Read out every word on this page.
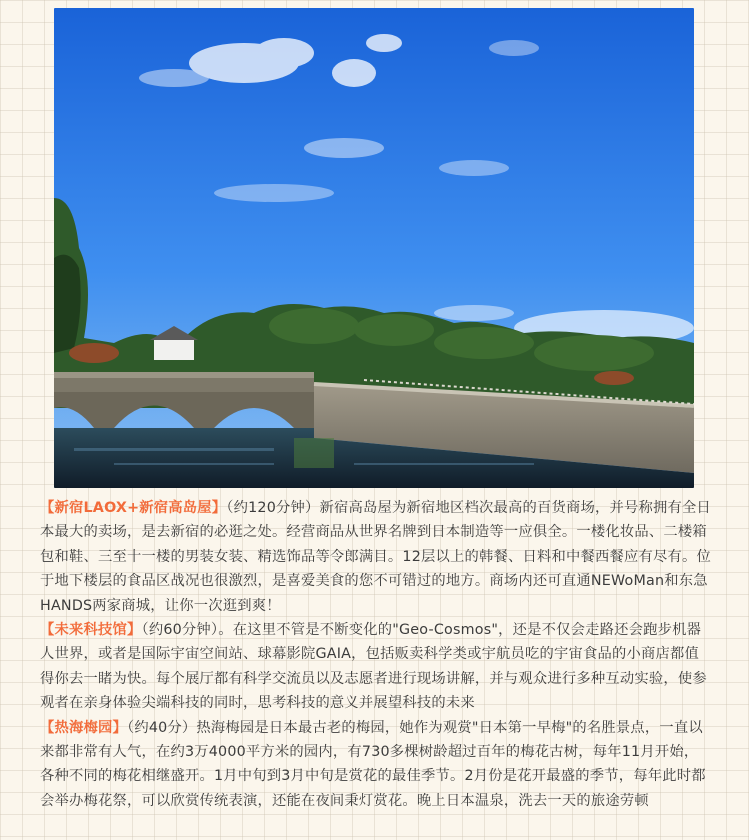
【新宿LAOX+新宿高岛屋】（约120分钟）新宿高岛屋为新宿地区档次最高的百货商场，并号称拥有全日本最大的卖场，是去新宿的必逛之处。经营商品从世界名牌到日本制造等一应俱全。一楼化妆品、二楼箱包和鞋、三至十一楼的男装女装、精选饰品等令郎满目。12层以上的韩餐、日料和中餐西餐应有尽有。位于地下楼层的食品区战况也很激烈，是喜爱美食的您不可错过的地方。商场内还可直通NEWoMan和东急HANDS两家商城，让你一次逛到爽！

【未来科技馆】（约60分钟）。在这里不管是不断变化的"Geo-Cosmos"，还是不仅会走路还会跑步机器人世界，或者是国际宇宙空间站、球幕影院GAIA，包括贩卖科学类或宇航员吃的宇宙食品的小商店都值得你去一睹为快。每个展厅都有科学交流员以及志愿者进行现场讲解，并与观众进行多种互动实验，使参观者在亲身体验尖端科技的同时，思考科技的意义并展望科技的未来

【热海梅园】（约40分）热海梅园是日本最古老的梅园，她作为观赏"日本第一早梅"的名胜景点，一直以来都非常有人气，在约3万4000平方米的园内，有730多棵树龄超过百年的梅花古树，每年11月开始，各种不同的梅花相继盛开。1月中旬到3月中旬是赏花的最佳季节。2月份是花开最盛的季节，每年此时都会举办梅花祭，可以欣赏传统表演，还能在夜间秉灯赏花。晚上日本温泉，洗去一天的旅途劳顿
